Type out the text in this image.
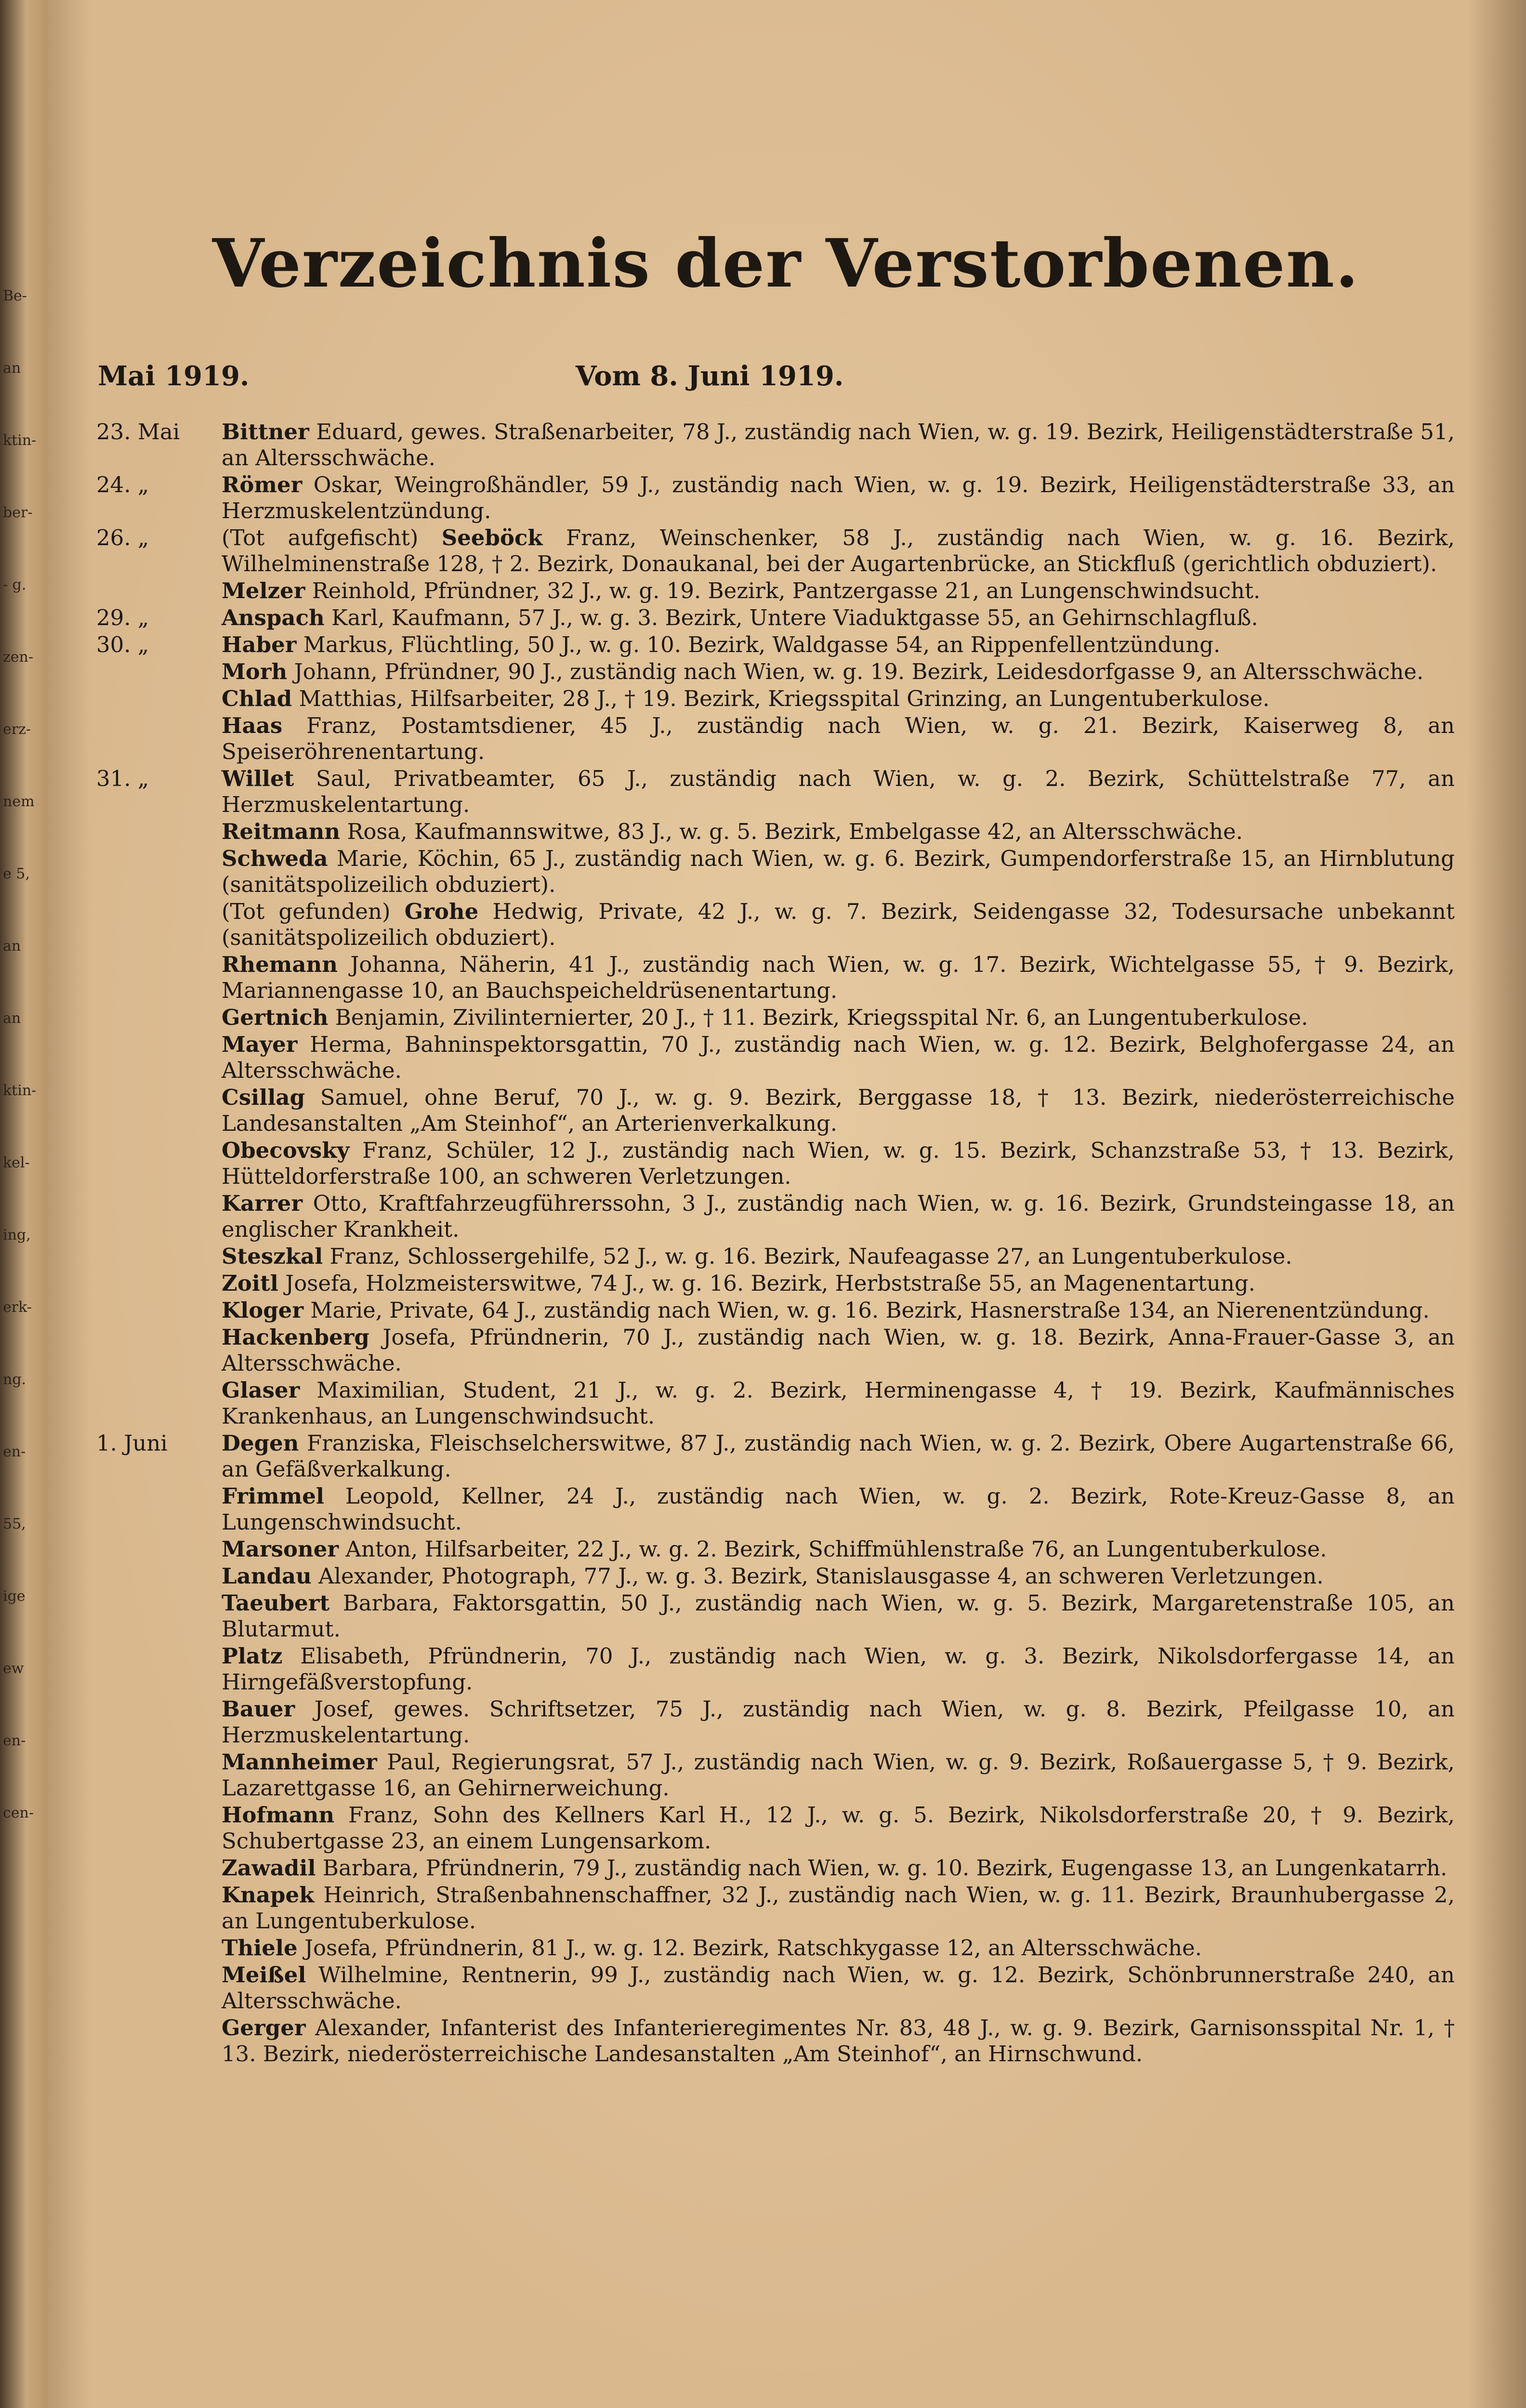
Be-
an
ktin-
ber-
- g.
zen-
erz-
nem
e 5,
an
an
ktin-
kel-
ing,
erk-
ng.
en-
55,
ige
ew
en-
cen-
Verzeichnis der Verstorbenen.
Mai 1919.	Vom 8. Juni 1919.
23. Mai	Bittner Eduard, gewes. Straßenarbeiter, 78 J., zuständig nach Wien, w. g. 19. Bezirk, Heiligenstädterstraße 51, an Altersschwäche.
24. „	Römer Oskar, Weingroßhändler, 59 J., zuständig nach Wien, w. g. 19. Bezirk, Heiligenstädterstraße 33, an Herzmuskelentzündung.
26. „	(Tot aufgefischt) Seeböck Franz, Weinschenker, 58 J., zuständig nach Wien, w. g. 16. Bezirk, Wilhelminenstraße 128, † 2. Bezirk, Donaukanal, bei der Augartenbrücke, an Stickfluß (gerichtlich obduziert).
Melzer Reinhold, Pfründner, 32 J., w. g. 19. Bezirk, Pantzergasse 21, an Lungenschwindsucht.
29. „	Anspach Karl, Kaufmann, 57 J., w. g. 3. Bezirk, Untere Viaduktgasse 55, an Gehirnschlagfluß.
30. „	Haber Markus, Flüchtling, 50 J., w. g. 10. Bezirk, Waldgasse 54, an Rippenfellentzündung.
Morh Johann, Pfründner, 90 J., zuständig nach Wien, w. g. 19. Bezirk, Leidesdorfgasse 9, an Altersschwäche.
Chlad Matthias, Hilfsarbeiter, 28 J., † 19. Bezirk, Kriegsspital Grinzing, an Lungentuberkulose.
Haas Franz, Postamtsdiener, 45 J., zuständig nach Wien, w. g. 21. Bezirk, Kaiserweg 8, an Speiseröhrenentartung.
31. „	Willet Saul, Privatbeamter, 65 J., zuständig nach Wien, w. g. 2. Bezirk, Schüttelstraße 77, an Herzmuskelentartung.
Reitmann Rosa, Kaufmannswitwe, 83 J., w. g. 5. Bezirk, Embelgasse 42, an Altersschwäche.
Schweda Marie, Köchin, 65 J., zuständig nach Wien, w. g. 6. Bezirk, Gumpendorferstraße 15, an Hirnblutung (sanitätspolizeilich obduziert).
(Tot gefunden) Grohe Hedwig, Private, 42 J., w. g. 7. Bezirk, Seidengasse 32, Todesursache unbekannt (sanitätspolizeilich obduziert).
Rhemann Johanna, Näherin, 41 J., zuständig nach Wien, w. g. 17. Bezirk, Wichtelgasse 55, † 9. Bezirk, Mariannengasse 10, an Bauchspeicheldrüsenentartung.
Gertnich Benjamin, Zivilinternierter, 20 J., † 11. Bezirk, Kriegsspital Nr. 6, an Lungentuberkulose.
Mayer Herma, Bahninspektorsgattin, 70 J., zuständig nach Wien, w. g. 12. Bezirk, Belghofergasse 24, an Altersschwäche.
Csillag Samuel, ohne Beruf, 70 J., w. g. 9. Bezirk, Berggasse 18, † 13. Bezirk, niederösterreichische Landesanstalten „Am Steinhof“, an Arterienverkalkung.
Obecovsky Franz, Schüler, 12 J., zuständig nach Wien, w. g. 15. Bezirk, Schanzstraße 53, † 13. Bezirk, Hütteldorferstraße 100, an schweren Verletzungen.
Karrer Otto, Kraftfahrzeugführerssohn, 3 J., zuständig nach Wien, w. g. 16. Bezirk, Grundsteingasse 18, an englischer Krankheit.
Steszkal Franz, Schlossergehilfe, 52 J., w. g. 16. Bezirk, Naufeagasse 27, an Lungentuberkulose.
Zoitl Josefa, Holzmeisterswitwe, 74 J., w. g. 16. Bezirk, Herbststraße 55, an Magenentartung.
Kloger Marie, Private, 64 J., zuständig nach Wien, w. g. 16. Bezirk, Hasnerstraße 134, an Nierenentzündung.
Hackenberg Josefa, Pfründnerin, 70 J., zuständig nach Wien, w. g. 18. Bezirk, Anna-Frauer-Gasse 3, an Altersschwäche.
Glaser Maximilian, Student, 21 J., w. g. 2. Bezirk, Herminengasse 4, † 19. Bezirk, Kaufmännisches Krankenhaus, an Lungenschwindsucht.
1. Juni	Degen Franziska, Fleischselcherswitwe, 87 J., zuständig nach Wien, w. g. 2. Bezirk, Obere Augartenstraße 66, an Gefäßverkalkung.
Frimmel Leopold, Kellner, 24 J., zuständig nach Wien, w. g. 2. Bezirk, Rote-Kreuz-Gasse 8, an Lungenschwindsucht.
Marsoner Anton, Hilfsarbeiter, 22 J., w. g. 2. Bezirk, Schiffmühlenstraße 76, an Lungentuberkulose.
Landau Alexander, Photograph, 77 J., w. g. 3. Bezirk, Stanislausgasse 4, an schweren Verletzungen.
Taeubert Barbara, Faktorsgattin, 50 J., zuständig nach Wien, w. g. 5. Bezirk, Margaretenstraße 105, an Blutarmut.
Platz Elisabeth, Pfründnerin, 70 J., zuständig nach Wien, w. g. 3. Bezirk, Nikolsdorfergasse 14, an Hirngefäßverstopfung.
Bauer Josef, gewes. Schriftsetzer, 75 J., zuständig nach Wien, w. g. 8. Bezirk, Pfeilgasse 10, an Herzmuskelentartung.
Mannheimer Paul, Regierungsrat, 57 J., zuständig nach Wien, w. g. 9. Bezirk, Roßauergasse 5, † 9. Bezirk, Lazarettgasse 16, an Gehirnerweichung.
Hofmann Franz, Sohn des Kellners Karl H., 12 J., w. g. 5. Bezirk, Nikolsdorferstraße 20, † 9. Bezirk, Schubertgasse 23, an einem Lungensarkom.
Zawadil Barbara, Pfründnerin, 79 J., zuständig nach Wien, w. g. 10. Bezirk, Eugengasse 13, an Lungenkatarrh.
Knapek Heinrich, Straßenbahnenschaffner, 32 J., zuständig nach Wien, w. g. 11. Bezirk, Braunhubergasse 2, an Lungentuberkulose.
Thiele Josefa, Pfründnerin, 81 J., w. g. 12. Bezirk, Ratschkygasse 12, an Altersschwäche.
Meißel Wilhelmine, Rentnerin, 99 J., zuständig nach Wien, w. g. 12. Bezirk, Schönbrunnerstraße 240, an Altersschwäche.
Gerger Alexander, Infanterist des Infanterieregimentes Nr. 83, 48 J., w. g. 9. Bezirk, Garnisonsspital Nr. 1, † 13. Bezirk, niederösterreichische Landesanstalten „Am Steinhof“, an Hirnschwund.
